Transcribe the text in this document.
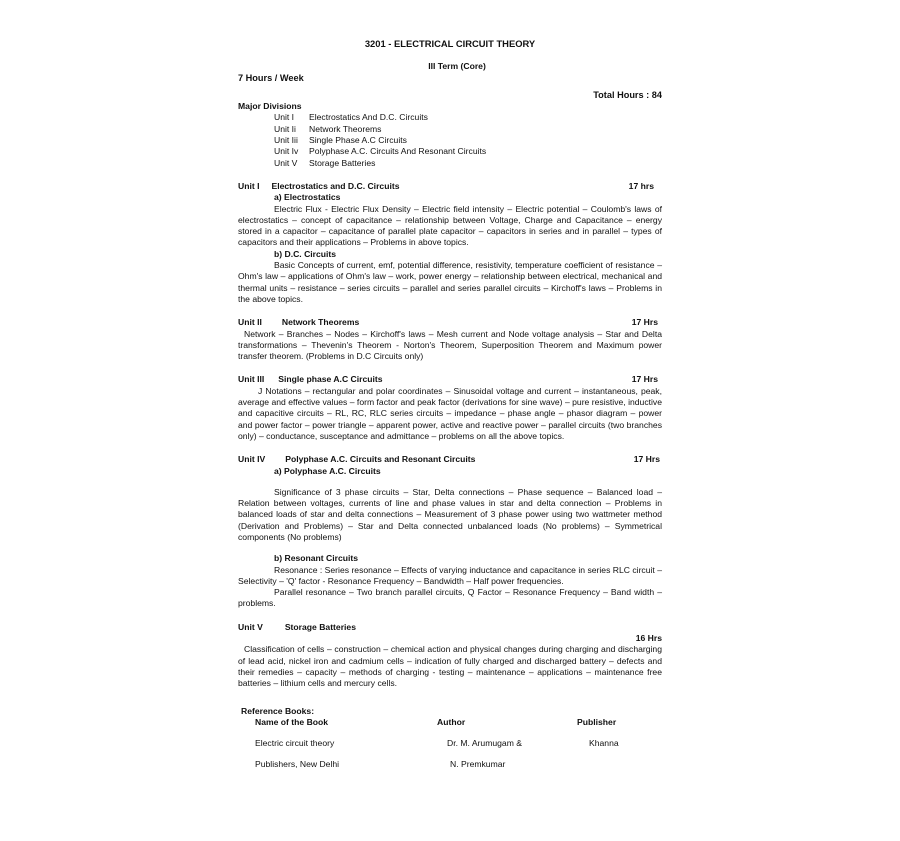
3201 - ELECTRICAL CIRCUIT THEORY
III Term (Core)
7 Hours / Week
Total Hours : 84
Major Divisions
Unit I	Electrostatics And D.C. Circuits
Unit Ii	Network Theorems
Unit Iii	Single Phase A.C Circuits
Unit Iv	Polyphase A.C. Circuits And Resonant Circuits
Unit V	Storage Batteries
Unit I	Electrostatics and D.C. Circuits	17 hrs
a) Electrostatics
Electric Flux - Electric Flux Density – Electric field intensity – Electric potential – Coulomb's laws of electrostatics – concept of capacitance – relationship between Voltage, Charge and Capacitance – energy stored in a capacitor – capacitance of parallel plate capacitor – capacitors in series and in parallel – types of capacitors and their applications – Problems in above topics.
b) D.C. Circuits
Basic Concepts of current, emf, potential difference, resistivity, temperature coefficient of resistance – Ohm's law – applications of Ohm's law – work, power energy – relationship between electrical, mechanical and thermal units – resistance – series circuits – parallel and series parallel circuits – Kirchoff's laws – Problems in the above topics.
Unit II	Network Theorems	17 Hrs
Network – Branches – Nodes – Kirchoff's laws – Mesh current and Node voltage analysis – Star and Delta transformations – Thevenin's Theorem - Norton's Theorem, Superposition Theorem and Maximum power transfer theorem. (Problems in D.C Circuits only)
Unit III	Single phase A.C Circuits	17 Hrs
J Notations – rectangular and polar coordinates – Sinusoidal voltage and current – instantaneous, peak, average and effective values – form factor and peak factor (derivations for sine wave) – pure resistive, inductive and capacitive circuits – RL, RC, RLC series circuits – impedance – phase angle – phasor diagram – power and power factor – power triangle – apparent power, active and reactive power – parallel circuits (two branches only) – conductance, susceptance and admittance – problems on all the above topics.
Unit IV	Polyphase A.C. Circuits and Resonant Circuits	17 Hrs
a) Polyphase A.C. Circuits
Significance of 3 phase circuits – Star, Delta connections – Phase sequence – Balanced load – Relation between voltages, currents of line and phase values in star and delta connection – Problems in balanced loads of star and delta connections – Measurement of 3 phase power using two wattmeter method (Derivation and Problems) – Star and Delta connected unbalanced loads (No problems) – Symmetrical components (No problems)
b) Resonant Circuits
Resonance : Series resonance – Effects of varying inductance and capacitance in series RLC circuit – Selectivity – 'Q' factor - Resonance Frequency – Bandwidth – Half power frequencies.
Parallel resonance – Two branch parallel circuits, Q Factor – Resonance Frequency – Band width – problems.
Unit V	Storage Batteries
16 Hrs
Classification of cells – construction – chemical action and physical changes during charging and discharging of lead acid, nickel iron and cadmium cells – indication of fully charged and discharged battery – defects and their remedies – capacity – methods of charging - testing – maintenance – applications – maintenance free batteries – lithium cells and mercury cells.
Reference Books:
Name of the Book	Author	Publisher
Electric circuit theory	Dr. M. Arumugam &	Khanna
Publishers, New Delhi	N. Premkumar
